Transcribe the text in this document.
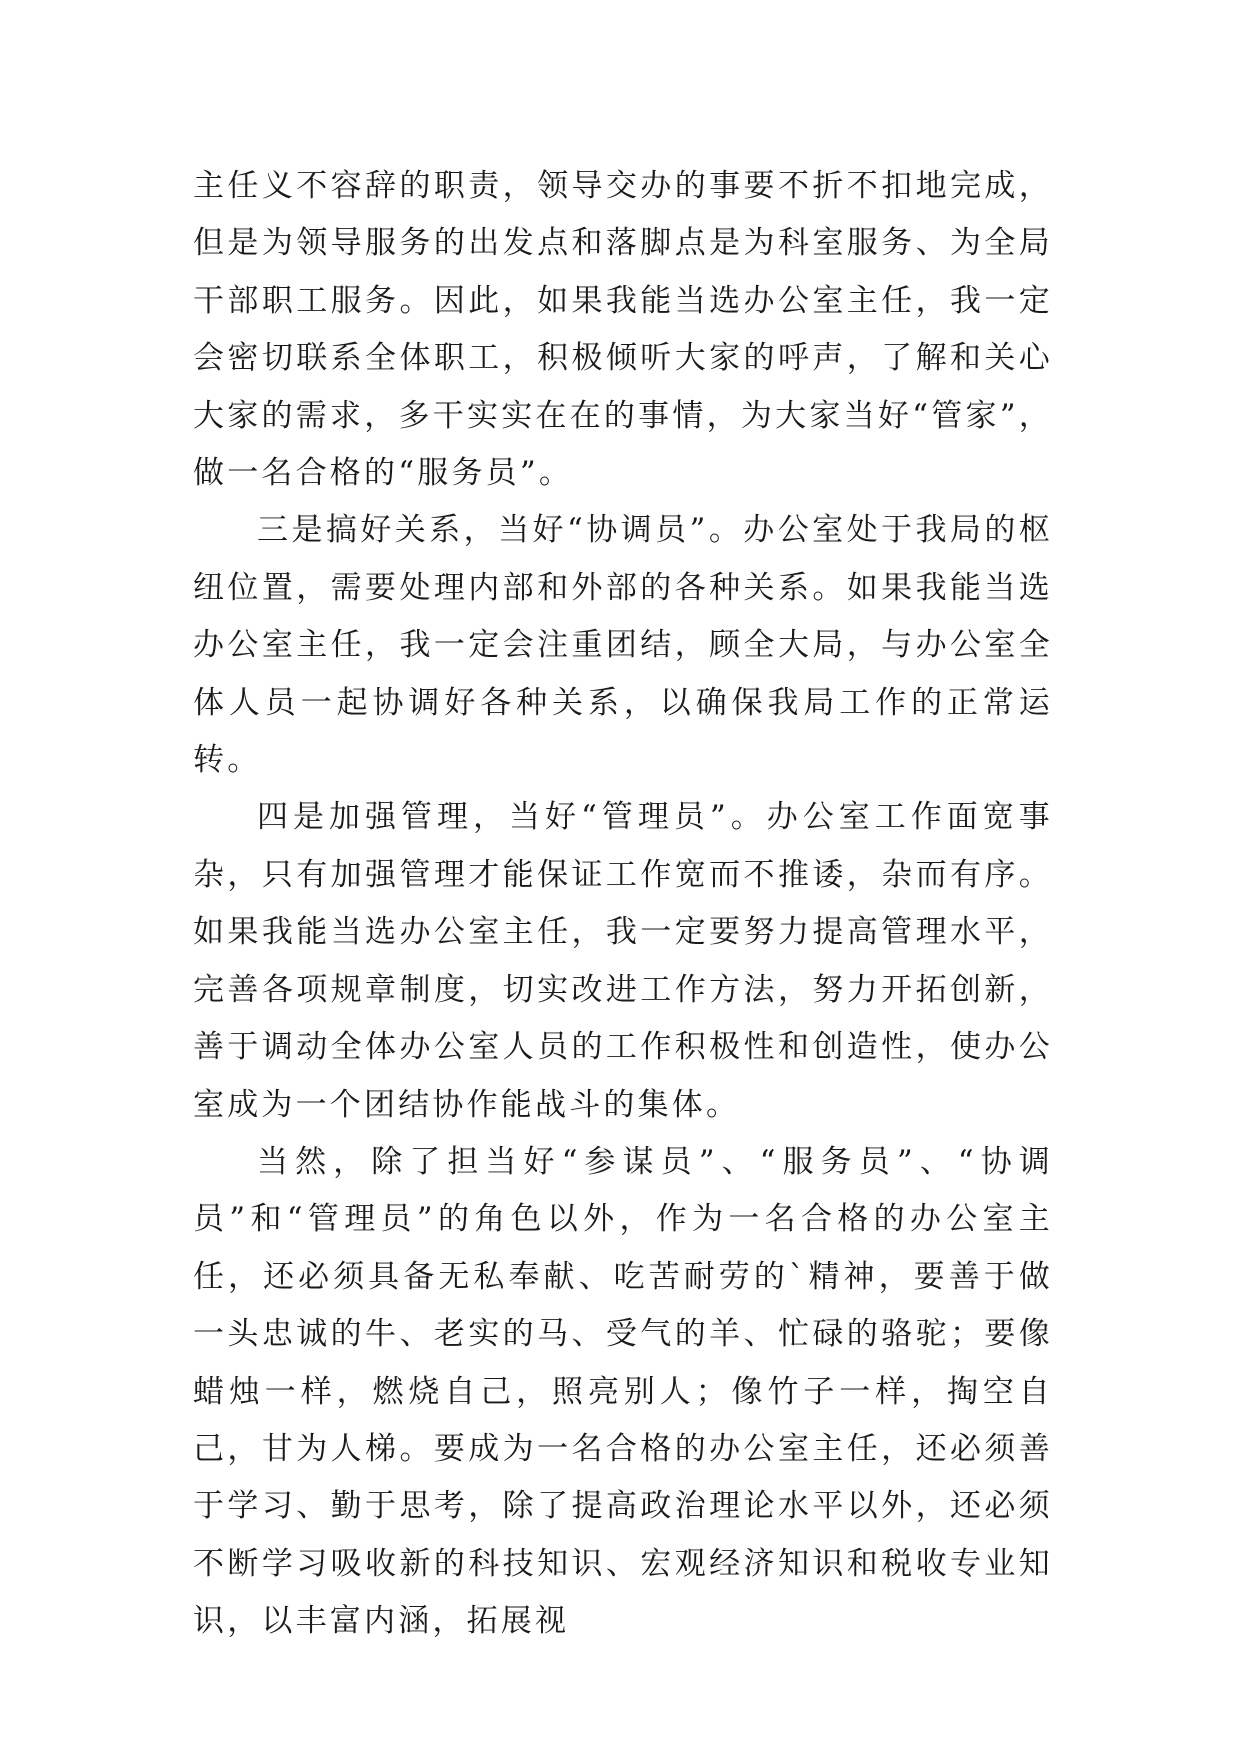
主任义不容辞的职责，领导交办的事要不折不扣地完成，但是为领导服务的出发点和落脚点是为科室服务、为全局干部职工服务。因此，如果我能当选办公室主任，我一定会密切联系全体职工，积极倾听大家的呼声，了解和关心大家的需求，多干实实在在的事情，为大家当好“管家”，做一名合格的“服务员”。

三是搞好关系，当好“协调员”。办公室处于我局的枢纽位置，需要处理内部和外部的各种关系。如果我能当选办公室主任，我一定会注重团结，顾全大局，与办公室全体人员一起协调好各种关系，以确保我局工作的正常运转。

四是加强管理，当好“管理员”。办公室工作面宽事杂，只有加强管理才能保证工作宽而不推诿，杂而有序。如果我能当选办公室主任，我一定要努力提高管理水平，完善各项规章制度，切实改进工作方法，努力开拓创新，善于调动全体办公室人员的工作积极性和创造性，使办公室成为一个团结协作能战斗的集体。

当然，除了担当好“参谋员”、“服务员”、“协调员”和“管理员”的角色以外，作为一名合格的办公室主任，还必须具备无私奉献、吃苦耐劳的`精神，要善于做一头忠诚的牛、老实的马、受气的羊、忙碌的骆驼；要像蜡烛一样，燃烧自己，照亮别人；像竹子一样，掏空自己，甘为人梯。要成为一名合格的办公室主任，还必须善于学习、勤于思考，除了提高政治理论水平以外，还必须不断学习吸收新的科技知识、宏观经济知识和税收专业知识，以丰富内涵，拓展视
